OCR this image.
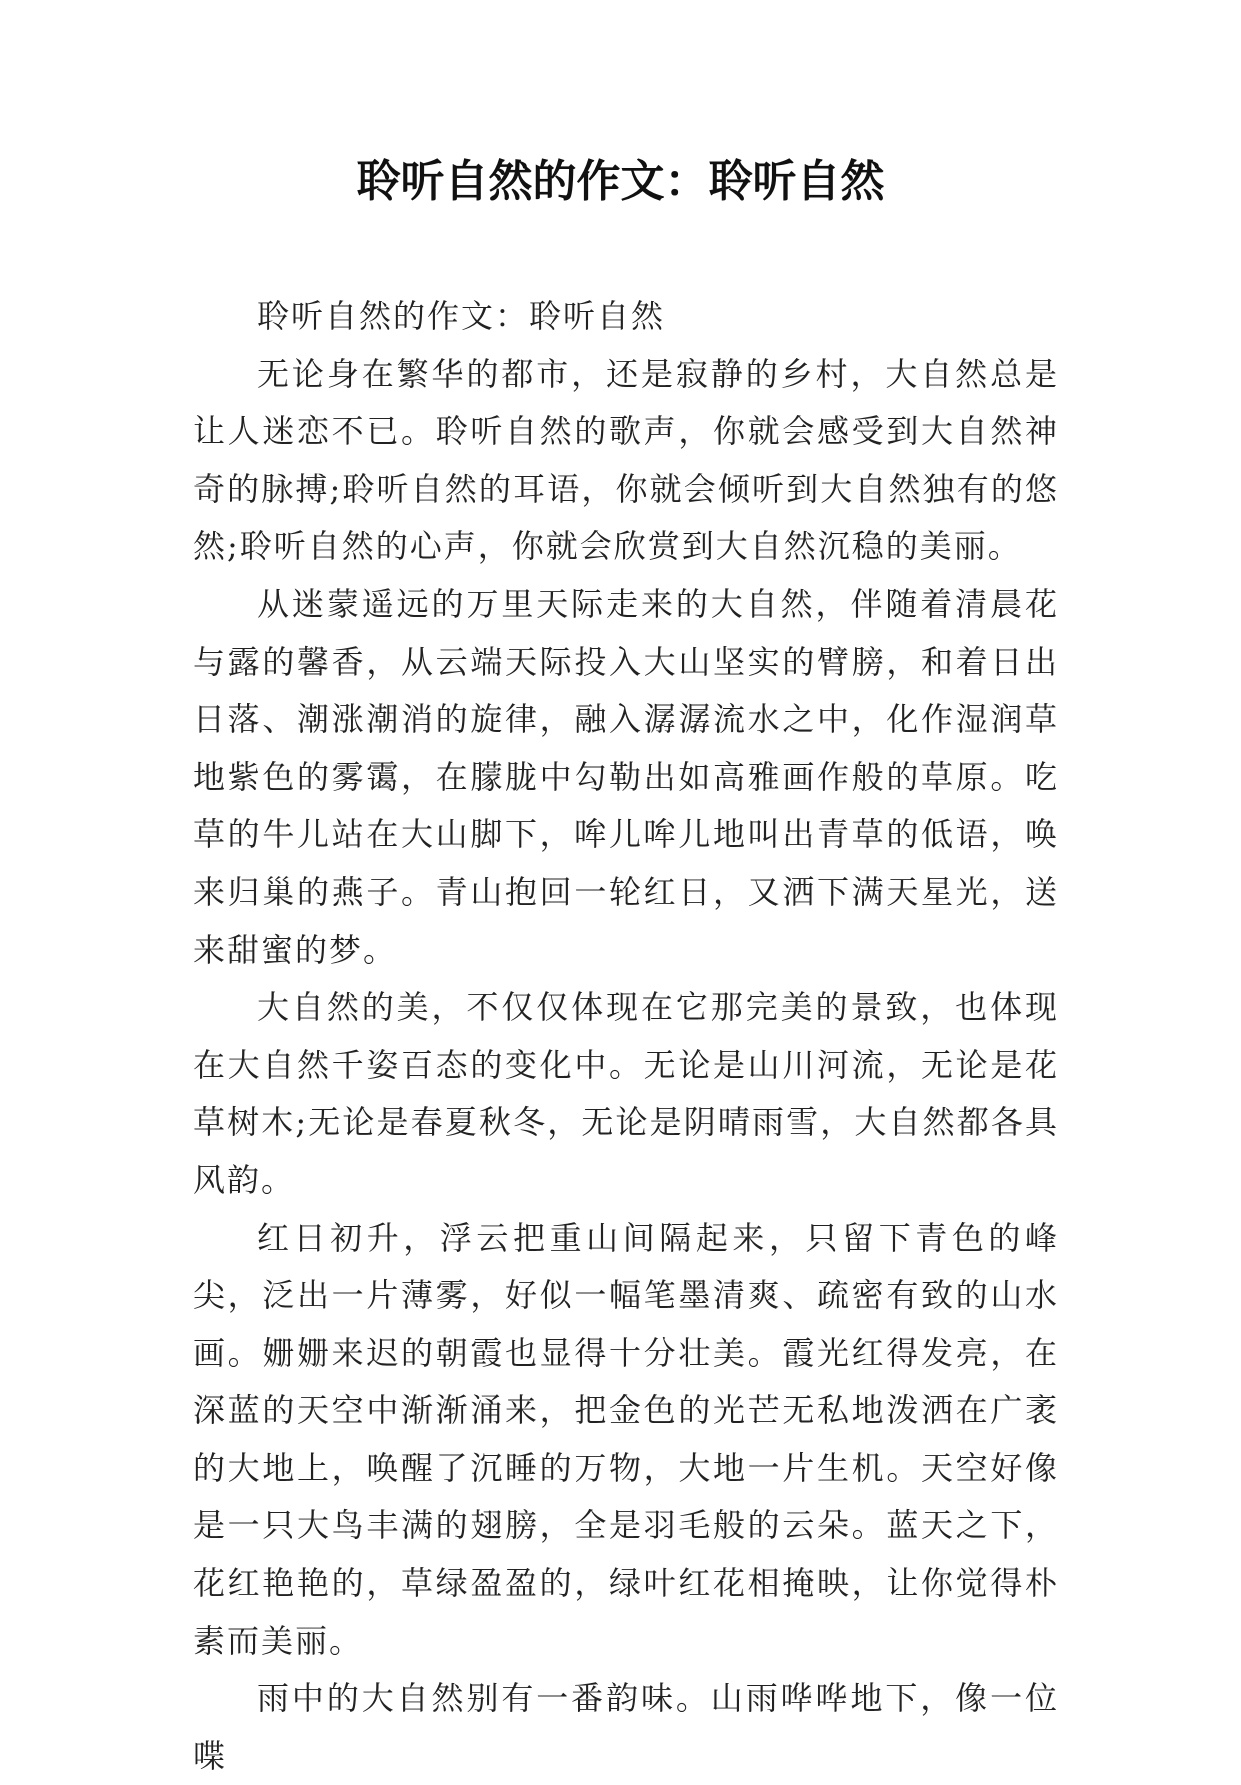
聆听自然的作文：聆听自然

聆听自然的作文：聆听自然

无论身在繁华的都市，还是寂静的乡村，大自然总是让人迷恋不已。聆听自然的歌声，你就会感受到大自然神奇的脉搏;聆听自然的耳语，你就会倾听到大自然独有的悠然;聆听自然的心声，你就会欣赏到大自然沉稳的美丽。

从迷蒙遥远的万里天际走来的大自然，伴随着清晨花与露的馨香，从云端天际投入大山坚实的臂膀，和着日出日落、潮涨潮消的旋律，融入潺潺流水之中，化作湿润草地紫色的雾霭，在朦胧中勾勒出如高雅画作般的草原。吃草的牛儿站在大山脚下，哞儿哞儿地叫出青草的低语，唤来归巢的燕子。青山抱回一轮红日，又洒下满天星光，送来甜蜜的梦。

大自然的美，不仅仅体现在它那完美的景致，也体现在大自然千姿百态的变化中。无论是山川河流，无论是花草树木;无论是春夏秋冬，无论是阴晴雨雪，大自然都各具风韵。

红日初升，浮云把重山间隔起来，只留下青色的峰尖，泛出一片薄雾，好似一幅笔墨清爽、疏密有致的山水画。姗姗来迟的朝霞也显得十分壮美。霞光红得发亮，在深蓝的天空中渐渐涌来，把金色的光芒无私地泼洒在广袤的大地上，唤醒了沉睡的万物，大地一片生机。天空好像是一只大鸟丰满的翅膀，全是羽毛般的云朵。蓝天之下，花红艳艳的，草绿盈盈的，绿叶红花相掩映，让你觉得朴素而美丽。

雨中的大自然别有一番韵味。山雨哗哗地下，像一位喋
